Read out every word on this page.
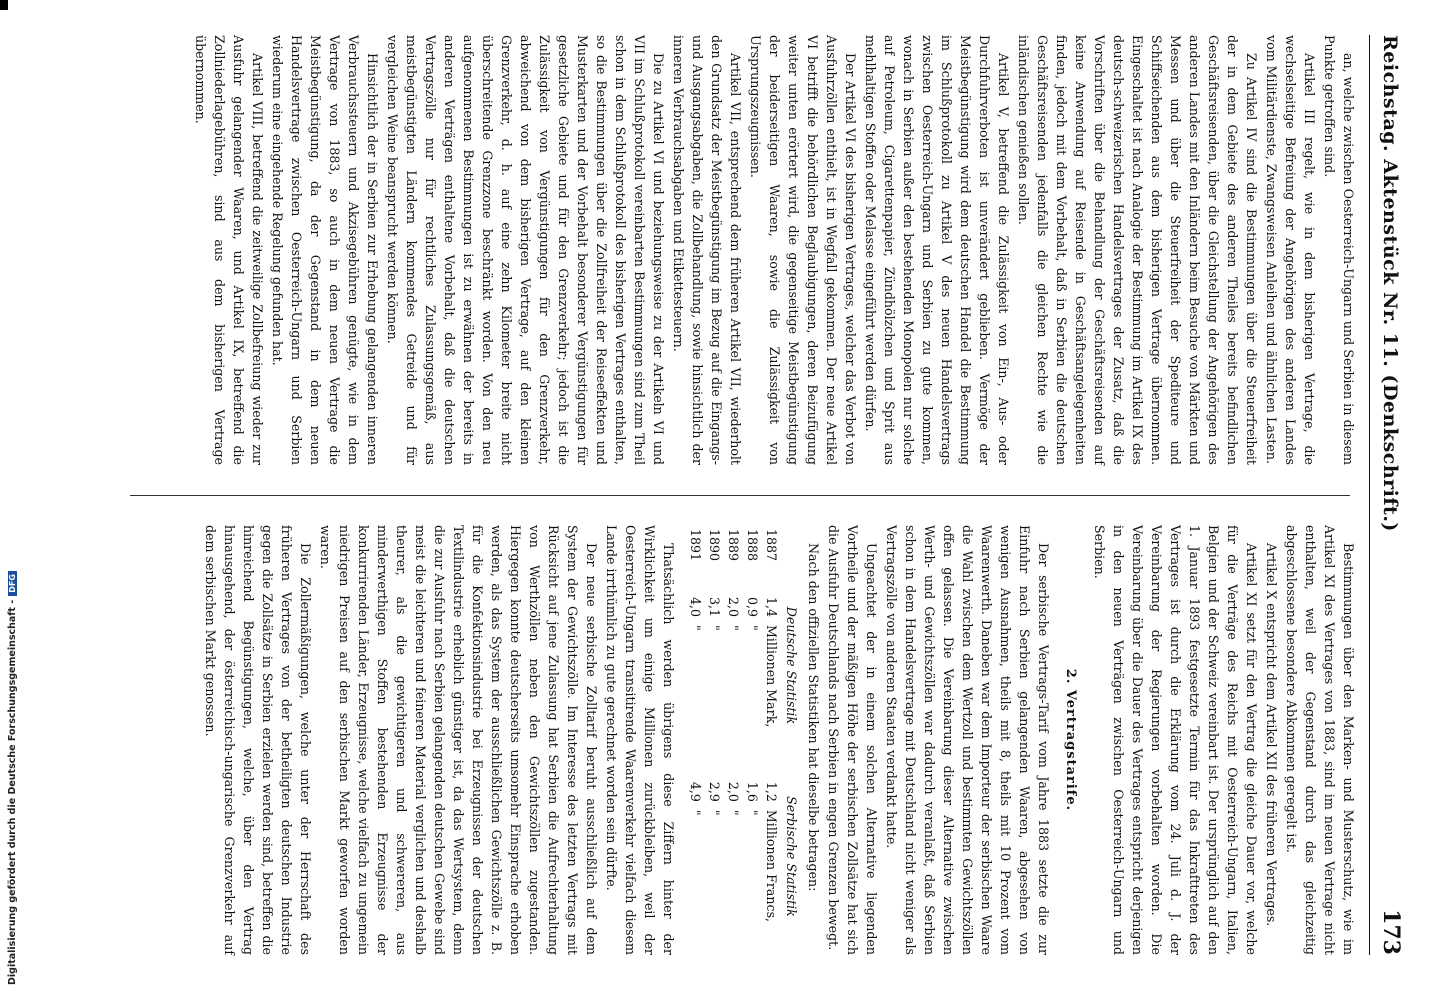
Digitalisierung gefördert durch die Deutsche Forschungsgemeinschaft -DFG
Reichstag. Aktenstück Nr. 11. (Denkschrift.)
173

an, welche zwischen Oesterreich-Ungarn und Serbien in diesem Punkte getroffen sind.

Artikel III regelt, wie in dem bisherigen Vertrage, die wechselseitige Befreiung der Angehörigen des anderen Landes vom Militärdienste, Zwangsweisen Anleihen und ähnlichen Lasten.

Zu Artikel IV sind die Bestimmungen über die Steuerfreiheit der in dem Gebiete des anderen Theiles bereits befindlichen Geschäftsreisenden, über die Gleichstellung der Angehörigen des anderen Landes mit den Inländern beim Besuche von Märkten und Messen und über die Steuerfreiheit der Spediteure und Schiffseichenden aus dem bisherigen Vertrage übernommen. Eingeschaltet ist nach Analogie der Bestimmung im Artikel IX des deutsch-schweizerischen Handelsvertrages der Zusatz, daß die Vorschriften über die Behandlung der Geschäftsreisenden auf keine Anwendung auf Reisende in Geschäftsangelegenheiten finden, jedoch mit dem Vorbehalt, daß in Serbien die deutschen Geschäftsreisenden jedenfalls die gleichen Rechte wie die inländischen genießen sollen.

Artikel V, betreffend die Zulässigkeit von Ein-, Aus- oder Durchfuhrverboten ist unverändert geblieben. Vermöge der Meistbegünstigung wird dem deutschen Handel die Bestimmung im Schlußprotokoll zu Artikel V des neuen Handelsvertrags zwischen Oesterreich-Ungarn und Serbien zu gute kommen, wonach in Serbien außer den bestehenden Monopolen nur solche auf Petroleum, Cigarettenpapier, Zündhölzchen und Sprit aus mehlhaltigen Stoffen oder Melasse eingeführt werden dürfen.

Der Artikel VI des bisherigen Vertrages, welcher das Verbot von Ausfuhrzöllen enthielt, ist in Wegfall gekommen. Der neue Artikel VI betrifft die behördlichen Beglaubigungen, deren Beizufügung weiter unten erörtert wird, die gegenseitige Meistbegünstigung der beiderseitigen Waaren, sowie die Zulässigkeit von Ursprungszeugnissen.

Artikel VII, entsprechend dem früheren Artikel VII, wiederholt den Grundsatz der Meistbegünstigung im Bezug auf die Eingangs- und Ausgangsabgaben, die Zollbehandlung, sowie hinsichtlich der inneren Verbrauchsabgaben und Etikettesteuern.

Die zu Artikel VI und beziehungsweise zu der Artikeln VI und VII im Schlußprotokoll vereinbarten Bestimmungen sind zum Theil schon in dem Schlußprotokoll des bisherigen Vertrages enthalten, so die Bestimmungen über die Zollfreiheit der Reiseeffekten und Musterkarten und der Vorbehalt besonderer Vergünstigungen für gesetzliche Gebiete und für den Grenzverkehr; jedoch ist die Zulässigkeit von Vergünstigungen für den Grenzverkehr, abweichend von dem bisherigen Vertrage, auf den kleinen Grenzverkehr, d. h. auf eine zehn Kilometer breite nicht überschreitende Grenzzone beschränkt worden. Von den neu aufgenommenen Bestimmungen ist zu erwähnen der bereits in anderen Verträgen enthaltene Vorbehalt, daß die deutschen Vertragszölle nur für rechtliches Zulassungsgemäß, aus meistbegünstigten Ländern kommendes Getreide und für vergleichen Weine beansprucht werden können.

Hinsichtlich der in Serbien zur Erhebung gelangenden inneren Verbrauchssteuern und Akzisegebühren genügte, wie in dem Vertrage von 1883, so auch in dem neuen Vertrage die Meistbegünstigung, da der Gegenstand in dem neuen Handelsvertrage zwischen Oesterreich-Ungarn und Serbien wiederum eine eingehende Regelung gefunden hat.

Artikel VIII, betreffend die zeitweilige Zollbefreiung wieder zur Ausfuhr gelangender Waaren, und Artikel IX, betreffend die Zollniederlagebühren, sind aus dem bisherigen Vertrage übernommen.

Bestimmungen über den Marken- und Musterschutz, wie im Artikel XI des Vertrages von 1883, sind im neuen Vertrage nicht enthalten, weil der Gegenstand durch das gleichzeitig abgeschlossene besondere Abkommen geregelt ist.

Artikel X entspricht dem Artikel XII des früheren Vertrages.

Artikel XI setzt für den Vertrag die gleiche Dauer vor, welche für die Verträge des Reichs mit Oesterreich-Ungarn, Italien, Belgien und der Schweiz vereinbart ist. Der ursprünglich auf den 1. Januar 1893 festgesetzte Termin für das Inkrafttreten des Vertrages ist durch die Erklärung vom 24. Juli d. J. der Vereinbarung der Regierungen vorbehalten worden. Die Vereinbarung über die Dauer des Vertrages entspricht derjenigen in den neuen Verträgen zwischen Oesterreich-Ungarn und Serbien.

2. Vertragstarife.

Der serbische Vertrags-Tarif vom Jahre 1883 setzte die zur Einfuhr nach Serbien gelangenden Waaren, abgesehen von wenigen Ausnahmen, theils mit 8, theils mit 10 Prozent vom Waarenwerth. Daneben war dem Importeur der serbischen Waare die Wahl zwischen dem Wertzoll und bestimmten Gewichtszöllen offen gelassen. Die Vereinbarung dieser Alternative zwischen Werth- und Gewichtszöllen war dadurch veranlaßt, daß Serbien schon in dem Handelsvertrage mit Deutschland nicht weniger als Vertragszölle von anderen Staaten verdankt hatte.

Ungeachtet der in einem solchen Alternative liegenden Vortheile und der mäßigen Höhe der serbischen Zollsätze hat sich die Ausfuhr Deutschlands nach Serbien in engen Grenzen bewegt.

Nach den offiziellen Statistiken hat dieselbe betragen:

	Deutsche Statistik		Serbische Statistik	
1887	1,4	Millionen Mark,	1,2	Millionen Francs,
1888	0,9	"	1,6	"
1889	2,0	"	2,0	"
1890	3,1	"	2,9	"
1891	4,0	"	4,9	"

Thatsächlich werden übrigens diese Ziffern hinter der Wirklichkeit um einige Millionen zurückbleiben, weil der Oesterreich-Ungarn transitirende Waarenverkehr vielfach diesem Lande irrthümlich zu gute gerechnet worden sein dürfte.

Der neue serbische Zolltarif beruht ausschließlich auf dem System der Gewichtszölle. Im Interesse des letzten Vertrags mit Rücksicht auf jene Zulassung hat Serbien die Aufrechterhaltung von Werthzöllen neben den Gewichtszöllen zugestanden. Hiergegen konnte deutscherseits umsomehr Einsprache erhoben werden, als das System der ausschließlichen Gewichtszölle z. B. für die Konfektionsindustrie bei Erzeugnissen der deutschen Textilindustrie erheblich günstiger ist, da das Wertsystem, denn die zur Ausfuhr nach Serbien gelangenden deutschen Gewebe sind meist die leichteren und feineren Material verglichen und deshalb theurer, als die gewichtigeren und schwereren, aus minderwerthigen Stoffen bestehenden Erzeugnisse der konkurrirenden Länder, Erzeugnisse, welche vielfach zu ungemein niedrigen Preisen auf den serbischen Markt geworfen worden waren.

Die Zollermäßigungen, welche unter der Herrschaft des früheren Vertrages von der betheiligten deutschen Industrie gegen die Zollsätze in Serbien erzielen werden sind, betreffen die hinreichend Begünstigungen, welche, über den Vertrag hinausgehend, der österreichisch-ungarische Grenzverkehr auf dem serbischen Markt genossen.
